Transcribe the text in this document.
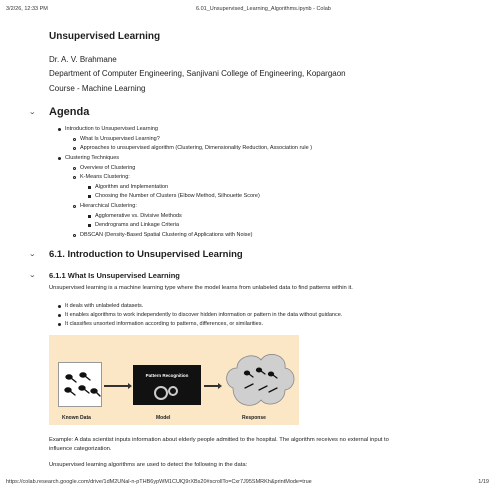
3/2/26, 12:33 PM	6.01_Unsupervised_Learning_Algorithms.ipynb - Colab
Unsupervised Learning
Dr. A. V. Brahmane
Department of Computer Engineering, Sanjivani College of Engineering, Kopargaon
Course - Machine Learning
⌄	Agenda
Introduction to Unsupervised Learning
What Is Unsupervised Learning?
Approaches to unsupervised algorithm (Clustering, Dimensionality Reduction, Association rule )
Clustering Techniques
Overview of Clustering
K-Means Clustering:
Algorithm and Implementation
Choosing the Number of Clusters (Elbow Method, Silhouette Score)
Hierarchical Clustering:
Agglomerative vs. Divisive Methods
Dendrograms and Linkage Criteria
DBSCAN (Density-Based Spatial Clustering of Applications with Noise)
⌄	6.1. Introduction to Unsupervised Learning
⌄	6.1.1 What Is Unsupervised Learning
Unsupervised learning is a machine learning type where the model learns from unlabeled data to find patterns within it.
It deals with unlabeled datasets.
It enables algorithms to work independently to discover hidden information or pattern in the data without guidance.
It classifies unsorted information according to patterns, differences, or similarities.
Pattern Recognition
Known Data	Model	Response
Example: A data scientist inputs information about elderly people admitted to the hospital. The algorithm receives no external input to
influence categorization.
Unsupervised learning algorithms are used to detect the following in the data:
https://colab.research.google.com/drive/1dM2UNal-n-pTHB6ypWM1CUlQ9rXBs20#scrollTo=Cxr7J95SMRKh&printMode=true	1/19
